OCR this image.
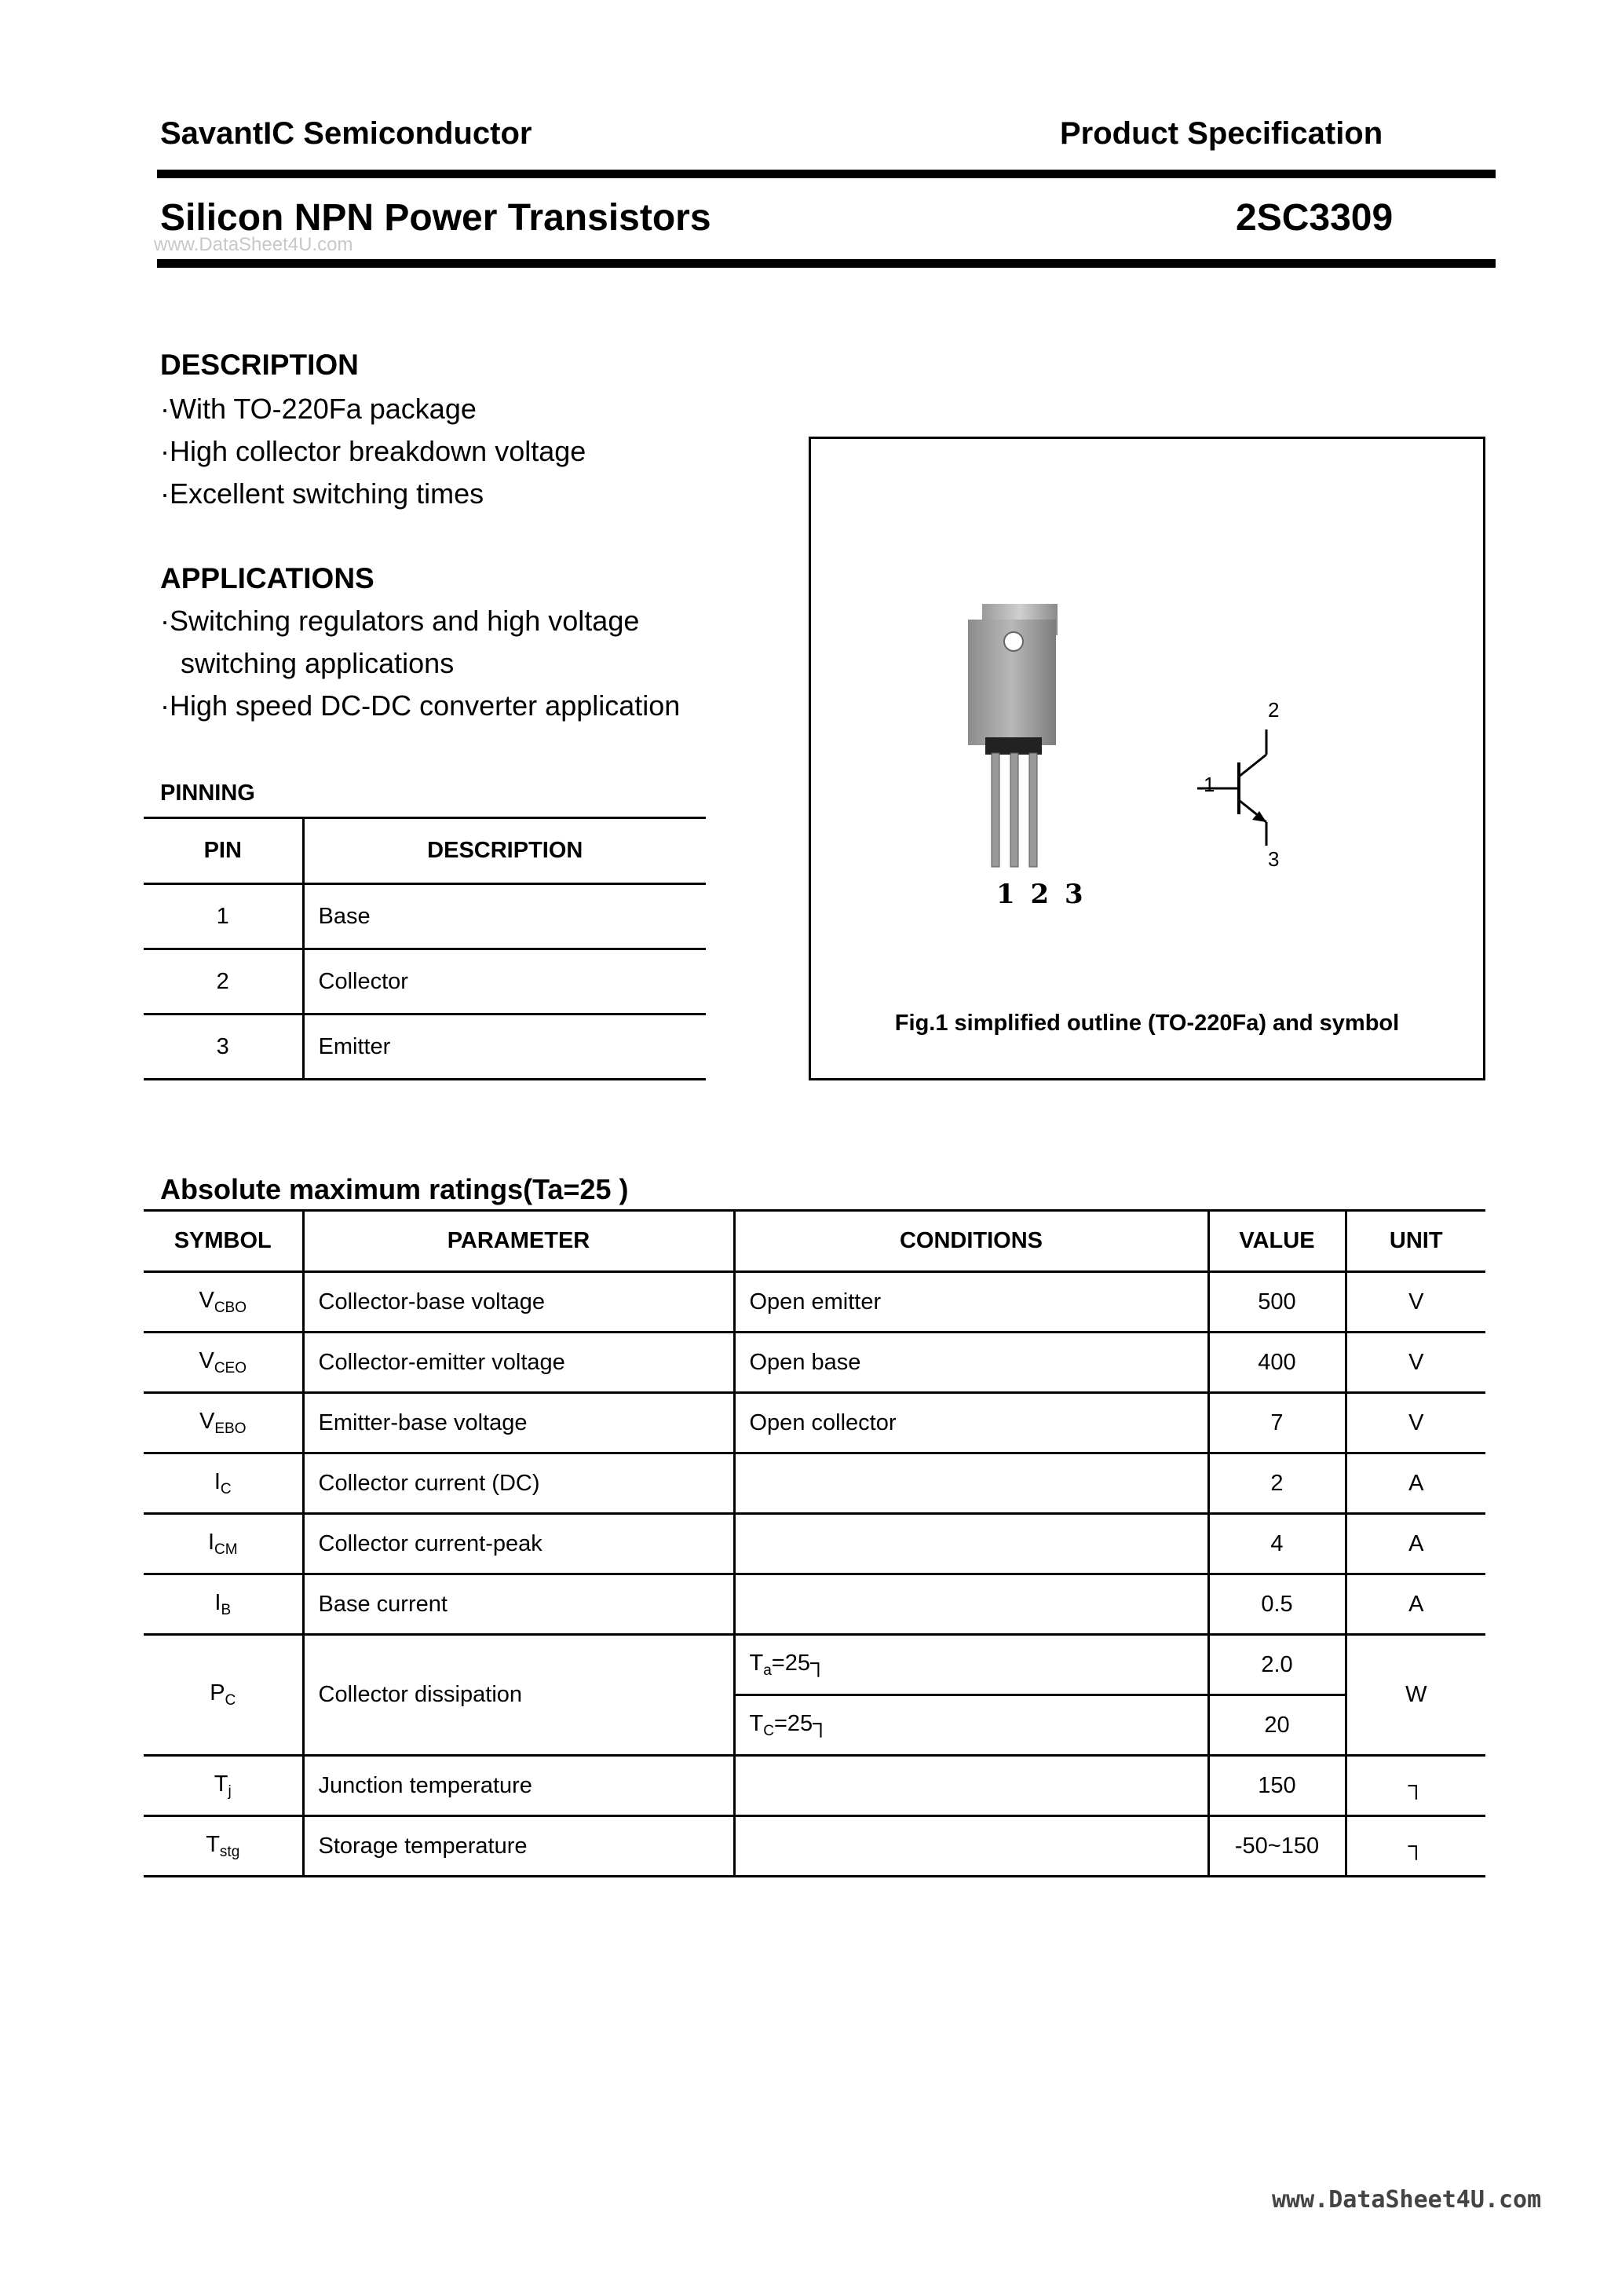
SavantIC Semiconductor	Product Specification
Silicon NPN Power Transistors	2SC3309
www.DataSheet4U.com
DESCRIPTION
·With TO-220Fa package
·High collector breakdown voltage
·Excellent switching times
APPLICATIONS
·Switching regulators and high voltage
switching applications
·High speed DC-DC converter application
PINNING
PIN	DESCRIPTION
1	Base
2	Collector
3	Emitter
1 2 3
1
2
3
Fig.1 simplified outline (TO-220Fa) and symbol
Absolute maximum ratings(Ta=25 )
SYMBOL	PARAMETER	CONDITIONS	VALUE	UNIT
$V_{CBO}$	Collector-base voltage	Open emitter	500	V
$V_{CEO}$	Collector-emitter voltage	Open base	400	V
$V_{EBO}$	Emitter-base voltage	Open collector	7	V
$I_C$	Collector current (DC)		2	A
$I_{CM}$	Collector current-peak		4	A
$I_B$	Base current		0.5	A
$P_C$	Collector dissipation	$T_a=25┐$	2.0	W
		$T_C=25┐$	20	
$T_j$	Junction temperature		150	┐
$T_{stg}$	Storage temperature		-50~150	┐
www.DataSheet4U.com
